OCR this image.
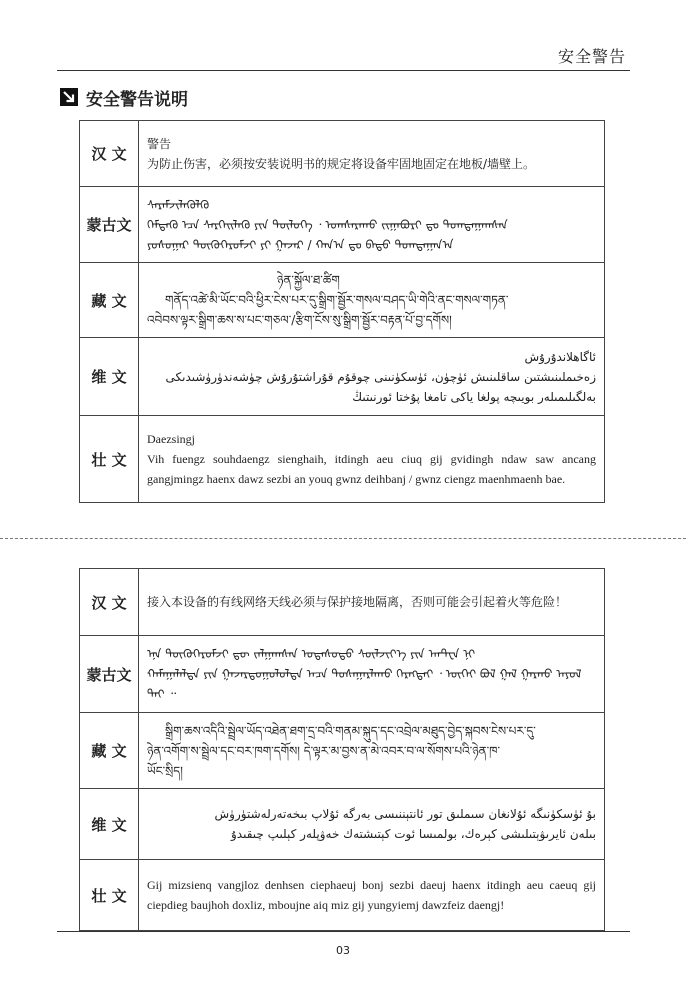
安全警告
安全警告说明
汉 文	警告
为防止伤害，必须按安装说明书的规定将设备牢固地固定在地板/墙壁上。

蒙古文	ᠰᠡᠷᠡᠮᠵᠢᠯᠡᠬᠦᠯᠬᠦ
ᠭᠡᠮᠲᠡᠬᠦ ᠡᠴᠡ ᠰᠡᠷᠭᠡᠢᠯᠡᠬᠦ ᠶᠢᠨ ᠲᠥᠯᠦᠭᠡ ᠂ ᠤᠭᠰᠠᠷᠠᠬᠤ ᠵᠢᠭᠠᠪᠤᠷᠢ ᠳᠤ ᠲᠣᠭᠲᠠᠭᠠᠭᠰᠠᠨ
ᠶᠣᠰᠣᠭᠠᠷ ᠲᠥᠬᠥᠭᠡᠷᠦᠮᠵᠢ ᠶᠢ ᠭᠠᠵᠠᠷ / ᠬᠠᠨ᠎ᠠ ᠳᠤ ᠪᠠᠲᠤ ᠲᠣᠭᠲᠠᠭᠠᠨ᠎ᠠ

藏 文	ཉེན་སྐྱོལ་ཐ་ཚིག
གནོད་འཚེ་མི་ཡོང་བའི་ཕྱིར་ངེས་པར་དུ་སྒྲིག་སྦྱོར་གསལ་བཤད་ཡི་གེའི་ནང་གསལ་གཏན་
འབེབས་ལྟར་སྒྲིག་ཆས་ས་པང་གཅལ་/རྩིག་ངོས་སུ་སྒྲིག་སྦྱོར་བརྟན་པོ་བྱ་དགོས།

维 文	ئاگاھلاندۇرۇش
زەخىملىنىشتىن ساقلىنىش ئۈچۈن، ئۈسكۈنىنى چوقۇم قۇراشتۇرۇش چۈشەندۈرۈشىدىكى
بەلگىلىمىلەر بويىچە پولغا ياكى تامغا پۇختا ئورنىتىڭ

壮 文	Daezsingj
Vih fuengz souhdaengz sienghaih, itdingh aeu ciuq gij gvidingh ndaw saw ancang gangjmingz haenx dawz sezbi an youq gwnz deihbanj / gwnz ciengz maenhmaenh bae.
汉 文	接入本设备的有线网络天线必须与保护接地隔离，否则可能会引起着火等危险！

蒙古文	ᠡᠨᠡ ᠲᠥᠬᠥᠭᠡᠷᠦᠮᠵᠢ ᠳᠦ ᠵᠠᠯᠭᠠᠭᠰᠠᠨ ᠤᠲᠠᠰᠤᠲᠤ ᠰᠦᠯᠵᠢᠶ᠎ᠡ ᠶᠢᠨ ᠠᠨᠲ᠋ᠸᠨ ᠨᠢ
ᠬᠠᠮᠠᠭᠠᠯᠠᠯᠲᠠ ᠶᠢᠨ ᠭᠠᠵᠠᠷᠳᠤᠭᠤᠯᠤᠯᠲᠠ ᠠᠴᠠ ᠲᠤᠰᠠᠭᠠᠷᠯᠠᠬᠤ ᠬᠡᠷᠡᠭᠲᠡᠢ ᠂ ᠦᠭᠡᠢ ᠪᠣᠯ ᠭᠠᠯ ᠭᠠᠷᠬᠤ ᠠᠶᠤᠯ ᠲᠠᠢ ᠃

藏 文	སྒྲིག་ཆས་འདིའི་སྦྲེལ་ཡོད་འཐེན་ཐག་དྲ་བའི་གནམ་སྐུད་དང་འབྲེལ་མཐུད་བྱེད་སྐབས་ངེས་པར་དུ་
ཉེན་འགོག་ས་སྦྲེལ་དང་བར་ཁག་དགོས། དེ་ལྟར་མ་བྱས་ན་མེ་འབར་བ་ལ་སོགས་པའི་ཉེན་ཁ་
ཡོང་སྲིད།

维 文	بۇ ئۈسكۈنىگە ئۇلانغان سىملىق تور ئانتېننىسى بەرگە ئۇلاپ بىخەتەرلەشتۈرۈش
بىلەن ئايرىۋېتىلىشى كېرەك، بولمىسا ئوت كېتىشتەك خەۋپلەر كېلىپ چىقىدۇ

壮 文	Gij mizsienq vangjloz denhsen ciephaeuj bonj sezbi daeuj haenx itdingh aeu caeuq gij ciepdieg baujhoh doxliz, mboujne aiq miz gij yungyiemj dawzfeiz daengj!
03
